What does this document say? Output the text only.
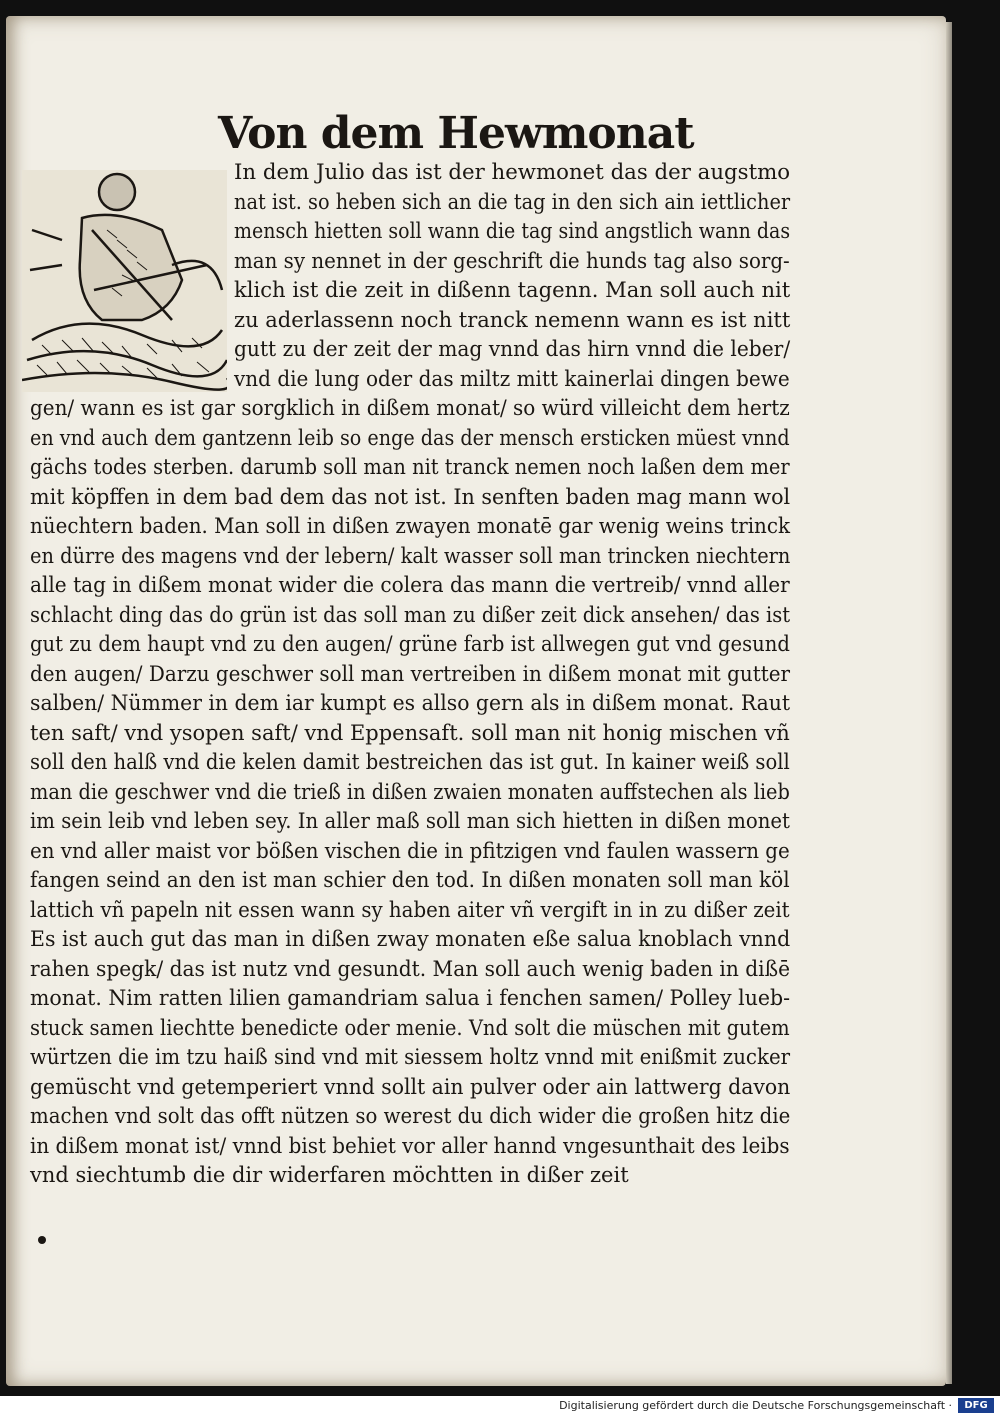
Von dem Hewmonat
In dem Julio das ist der hewmonet das der augstmo
nat ist. so heben sich an die tag in den sich ain iettlicher
mensch hietten soll wann die tag sind angstlich wann das
man sy nennet in der geschrift die hunds tag also sorg-
klich ist die zeit in dißenn tagenn. Man soll auch nit
zu aderlassenn noch tranck nemenn wann es ist nitt
gutt zu der zeit der mag vnnd das hirn vnnd die leber/
vnd die lung oder das miltz mitt kainerlai dingen bewe
gen/ wann es ist gar sorgklich in dißem monat/ so würd villeicht dem hertz
en vnd auch dem gantzenn leib so enge das der mensch ersticken müest vnnd
gächs todes sterben. darumb soll man nit tranck nemen noch laßen dem mer
mit köpffen in dem bad dem das not ist. In senften baden mag mann wol
nüechtern baden. Man soll in dißen zwayen monatē gar wenig weins trinck
en dürre des magens vnd der lebern/ kalt wasser soll man trincken niechtern
alle tag in dißem monat wider die colera das mann die vertreib/ vnnd aller
schlacht ding das do grün ist das soll man zu dißer zeit dick ansehen/ das ist
gut zu dem haupt vnd zu den augen/ grüne farb ist allwegen gut vnd gesund
den augen/ Darzu geschwer soll man vertreiben in dißem monat mit gutter
salben/ Nümmer in dem iar kumpt es allso gern als in dißem monat. Raut
ten saft/ vnd ysopen saft/ vnd Eppensaft. soll man nit honig mischen vñ
soll den halß vnd die kelen damit bestreichen das ist gut. In kainer weiß soll
man die geschwer vnd die trieß in dißen zwaien monaten auffstechen als lieb
im sein leib vnd leben sey. In aller maß soll man sich hietten in dißen monet
en vnd aller maist vor bößen vischen die in pfitzigen vnd faulen wassern ge
fangen seind an den ist man schier den tod. In dißen monaten soll man köl
lattich vñ papeln nit essen wann sy haben aiter vñ vergift in in zu dißer zeit
Es ist auch gut das man in dißen zway monaten eße salua knoblach vnnd
rahen spegk/ das ist nutz vnd gesundt. Man soll auch wenig baden in dißē
monat. Nim ratten lilien gamandriam salua i fenchen samen/ Polley lueb-
stuck samen liechtte benedicte oder menie. Vnd solt die müschen mit gutem
würtzen die im tzu haiß sind vnd mit siessem holtz vnnd mit enißmit zucker
gemüscht vnd getemperiert vnnd sollt ain pulver oder ain lattwerg davon
machen vnd solt das offt nützen so werest du dich wider die großen hitz die
in dißem monat ist/ vnnd bist behiet vor aller hannd vngesunthait des leibs
vnd siechtumb die dir widerfaren möchtten in dißer zeit
Digitalisierung gefördert durch die Deutsche Forschungsgemeinschaft ·	DFG
